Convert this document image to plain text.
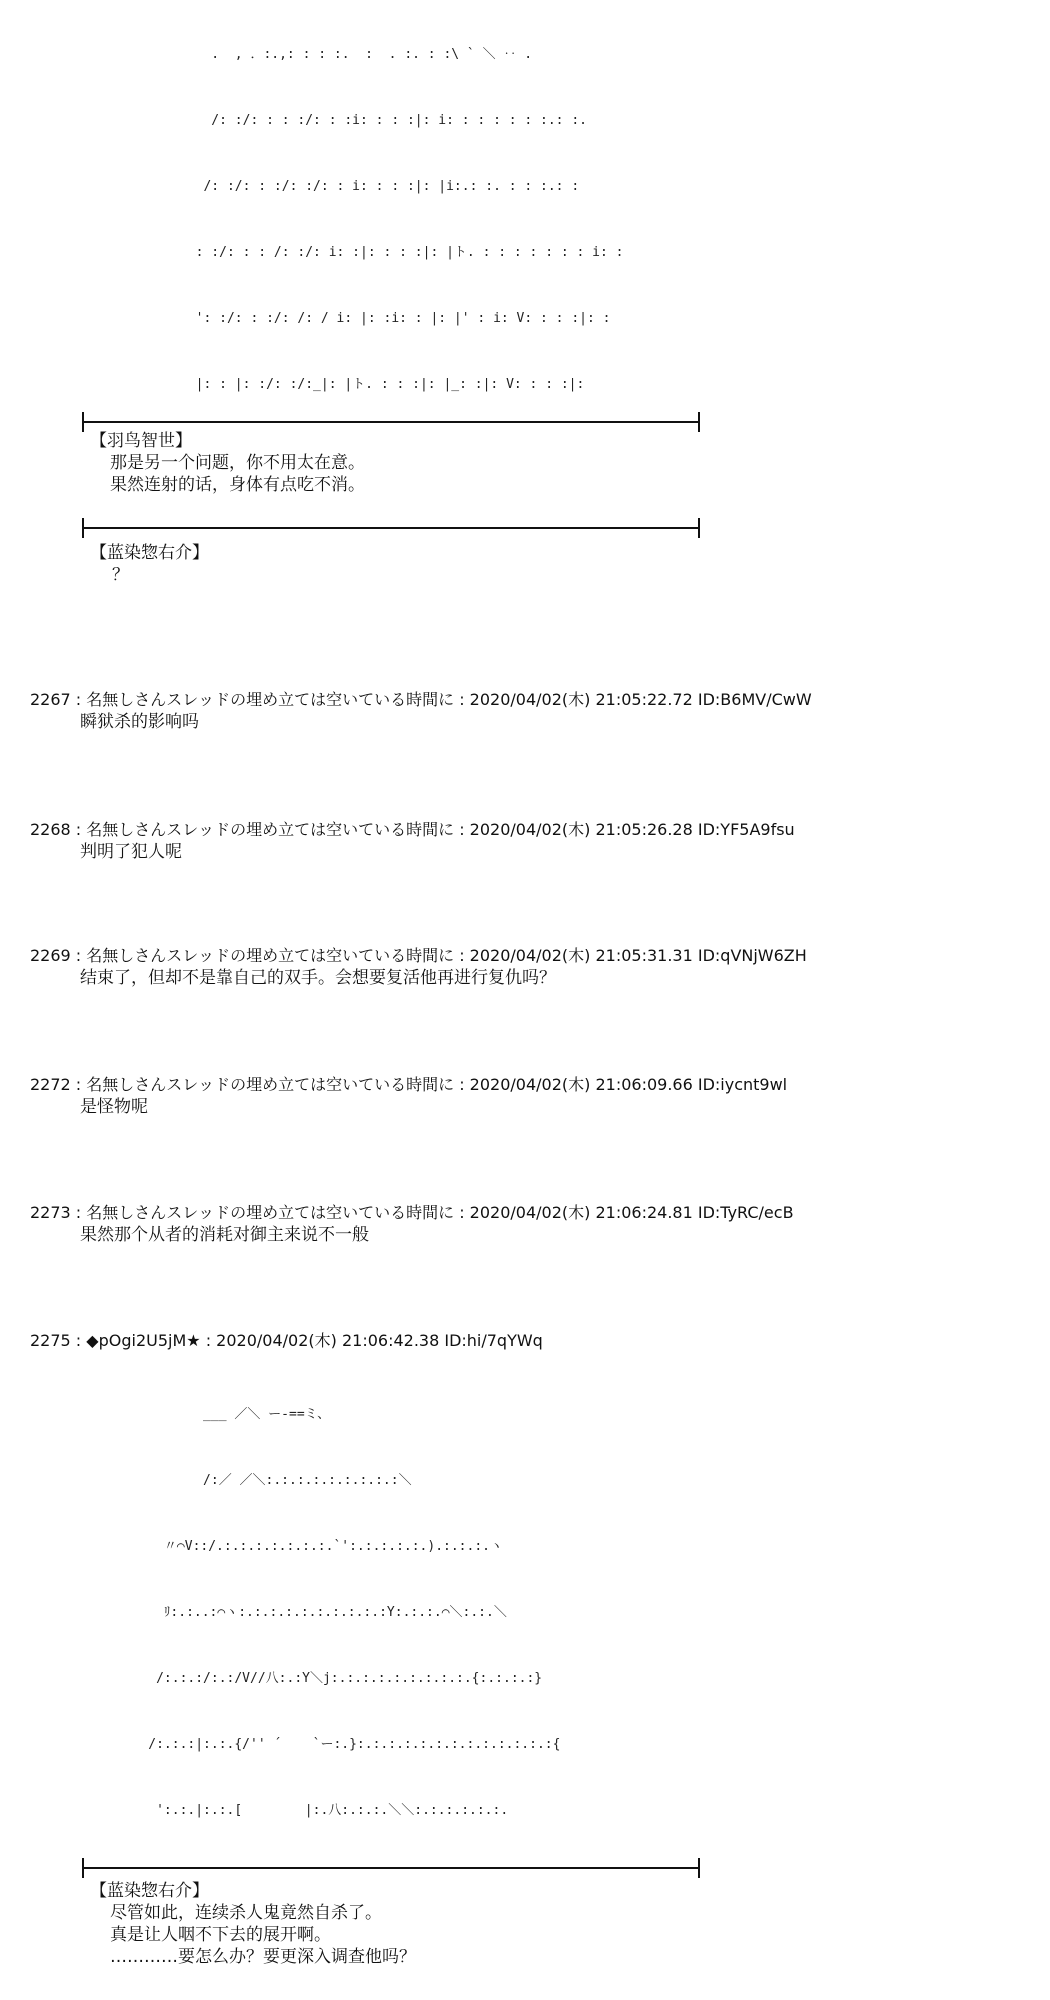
.  , ．:.,: : : :.  :  . :. : :\ ` ＼ ‥ .

/: :/: : : :/: : :i: : : :|: i: : : : : : :.: :.

/: :/: : :/: :/: : i: : : :|: |i:.: :. : : :.: :

: :/: : : /: :/: i: :|: : : :|: |ト. : : : : : : : i: :

': :/: : :/: /: / i: |: :i: : |: |' : i: V: : : :|: :

|: : |: :/: :/:_|: |ト. : : :|: |_: :|: V: : : :|:

【羽鸟智世】
那是另一个问题，你不用太在意。
果然连射的话，身体有点吃不消。
【蓝染惣右介】
？
2267 : 名無しさんスレッドの埋め立ては空いている時間に : 2020/04/02(木) 21:05:22.72 ID:B6MV/CwW
瞬狱杀的影响吗
2268 : 名無しさんスレッドの埋め立ては空いている時間に : 2020/04/02(木) 21:05:26.28 ID:YF5A9fsu
判明了犯人呢
2269 : 名無しさんスレッドの埋め立ては空いている時間に : 2020/04/02(木) 21:05:31.31 ID:qVNjW6ZH
结束了，但却不是靠自己的双手。会想要复活他再进行复仇吗？
2272 : 名無しさんスレッドの埋め立ては空いている時間に : 2020/04/02(木) 21:06:09.66 ID:iycnt9wl
是怪物呢
2273 : 名無しさんスレッドの埋め立ては空いている時間に : 2020/04/02(木) 21:06:24.81 ID:TyRC/ecB
果然那个从者的消耗对御主来说不一般
2275 : ◆pOgi2U5jM★ : 2020/04/02(木) 21:06:42.38 ID:hi/7qYWq

___ ／＼ ー-==ミ、

/:／ ／＼:.:.:.:.:.:.:.:.:＼

〃⌒V::/.:.:.:.:.:.:.:.`':.:.:.:.:.).:.:.:.ヽ

ﾘ:.:..:⌒ヽ:.:.:.:.:.:.:.:.:.:Y:.:.:.⌒＼:.:.＼

/:.:.:/:.:/V//八:.:Y＼j:.:.:.:.:.:.:.:.:.{:.:.:.:}

/:.:.:|:.:.{/'' ´    `ー:.}:.:.:.:.:.:.:.:.:.:.:.:.:{

':.:.|:.:.[        |:.八:.:.:.＼＼:.:.:.:.:.:.

【蓝染惣右介】
尽管如此，连续杀人鬼竟然自杀了。
真是让人咽不下去的展开啊。
…………要怎么办？要更深入调查他吗？
